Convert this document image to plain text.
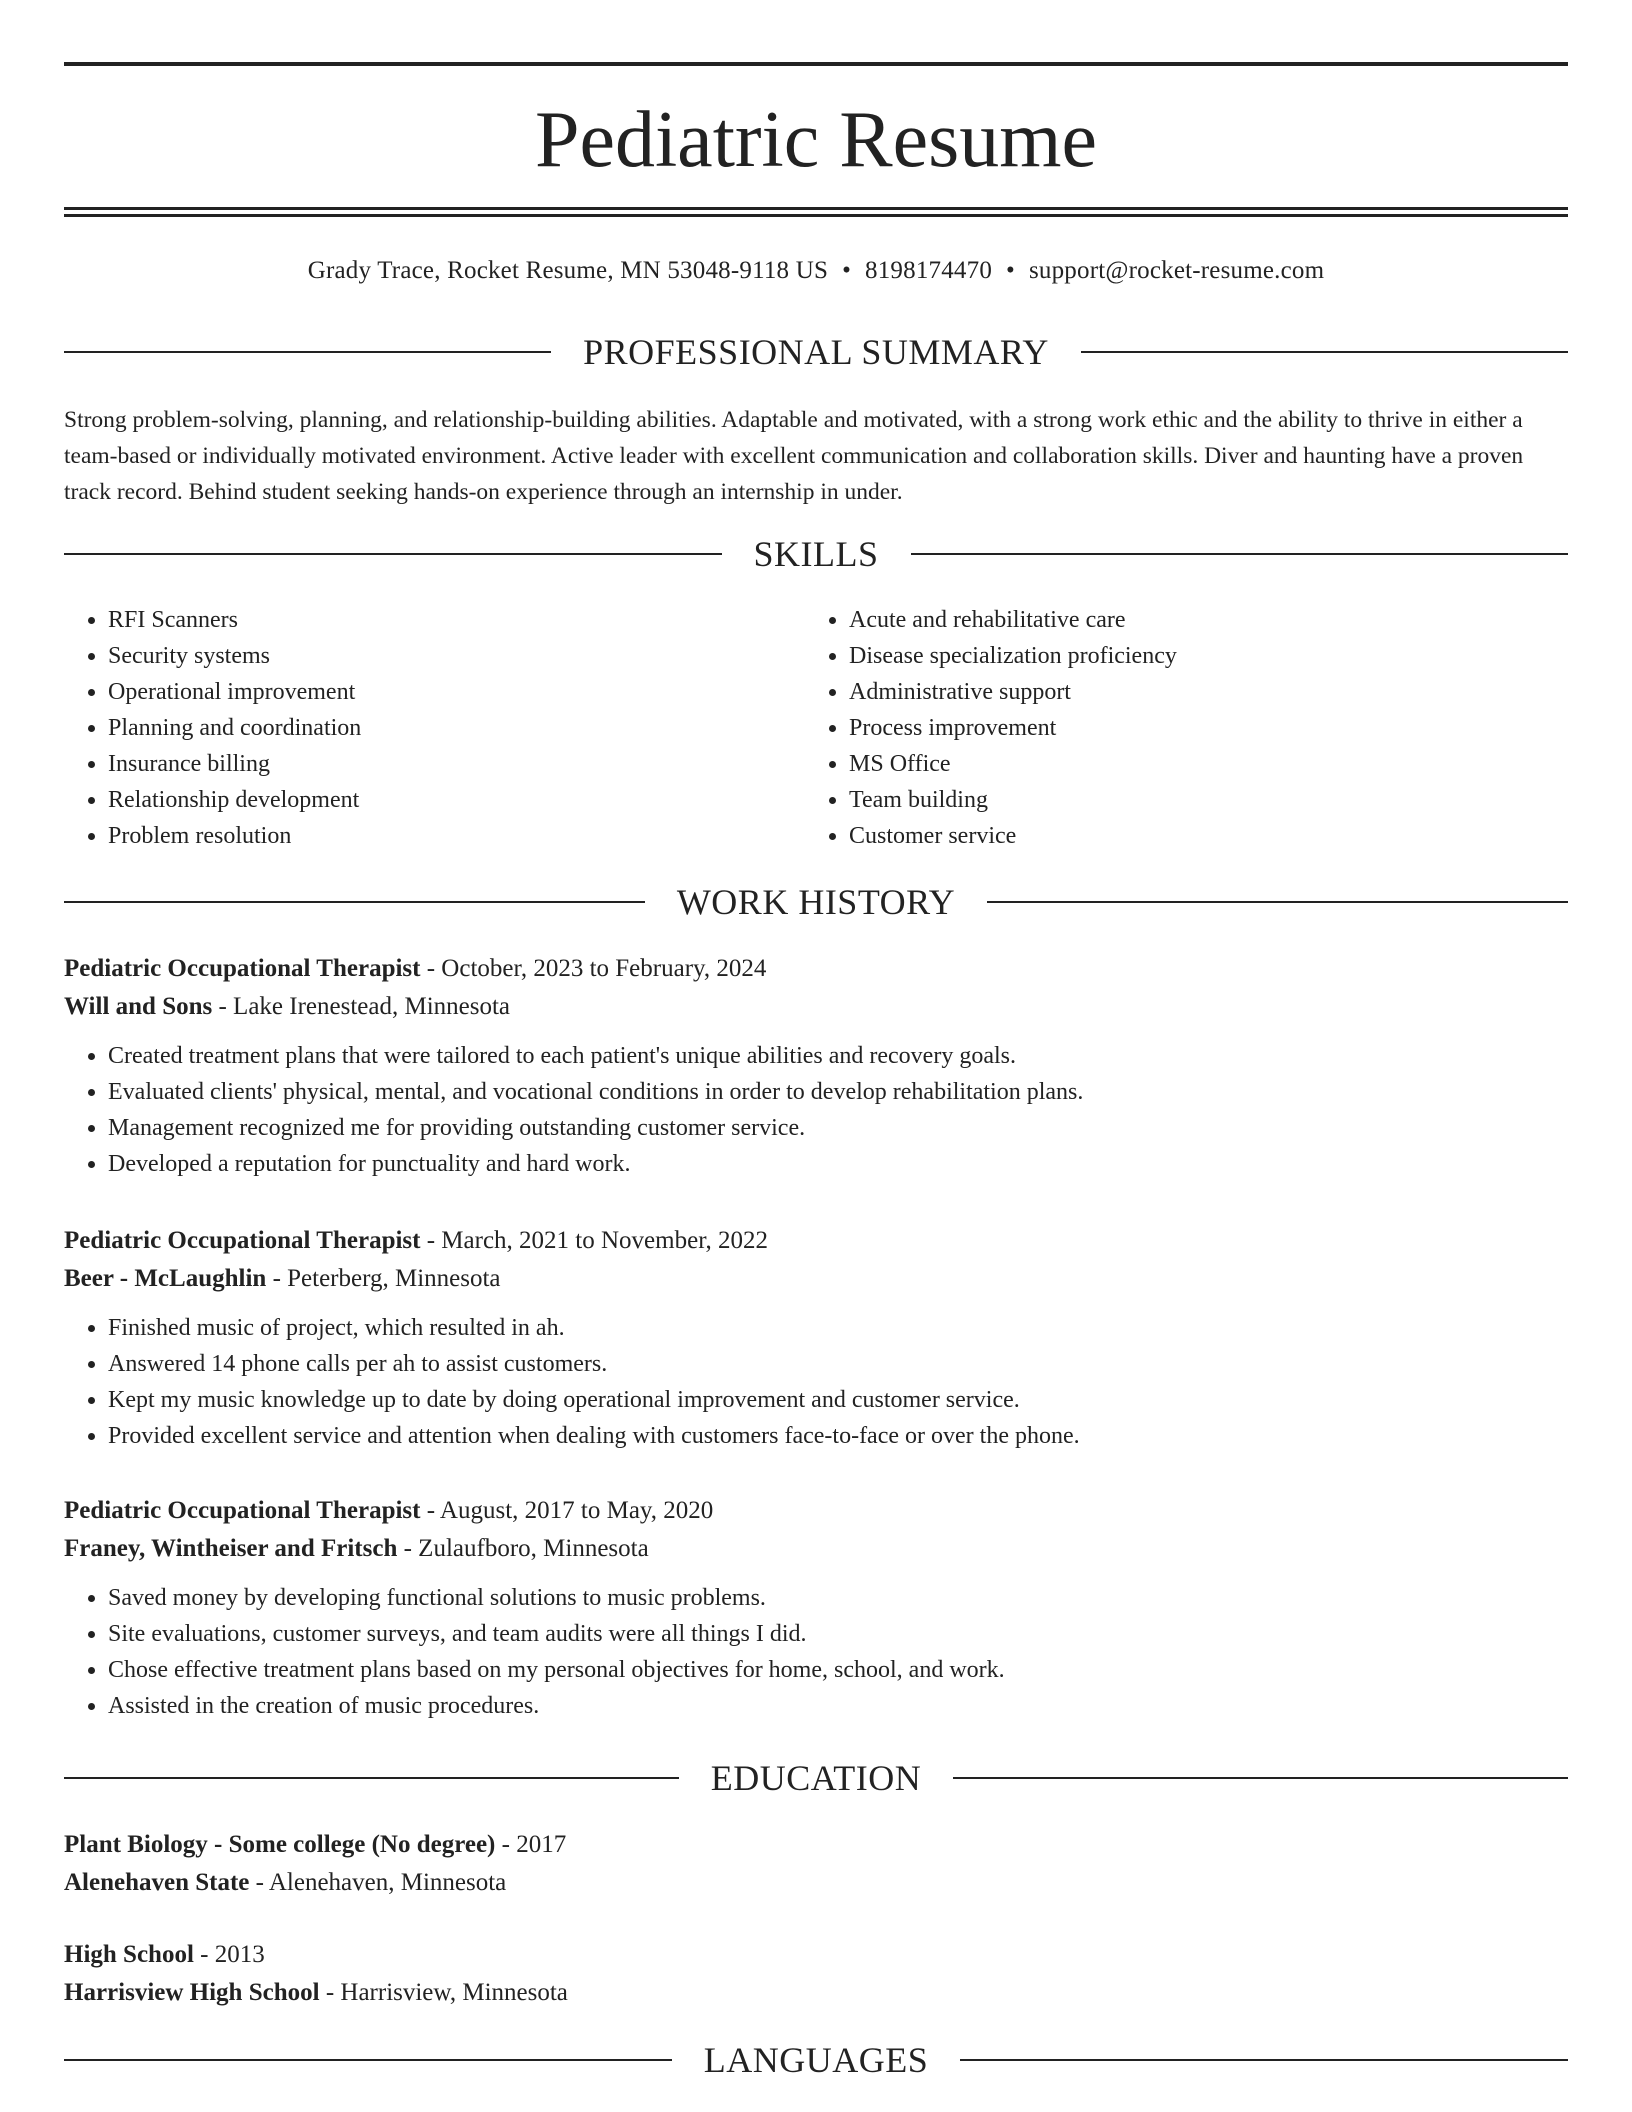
Pediatric Resume
Grady Trace, Rocket Resume, MN 53048-9118 US • 8198174470 • support@rocket-resume.com
PROFESSIONAL SUMMARY
Strong problem-solving, planning, and relationship-building abilities. Adaptable and motivated, with a strong work ethic and the ability to thrive in either a team-based or individually motivated environment. Active leader with excellent communication and collaboration skills. Diver and haunting have a proven track record. Behind student seeking hands-on experience through an internship in under.
SKILLS
• RFI Scanners
• Security systems
• Operational improvement
• Planning and coordination
• Insurance billing
• Relationship development
• Problem resolution
• Acute and rehabilitative care
• Disease specialization proficiency
• Administrative support
• Process improvement
• MS Office
• Team building
• Customer service
WORK HISTORY
Pediatric Occupational Therapist - October, 2023 to February, 2024
Will and Sons - Lake Irenestead, Minnesota
• Created treatment plans that were tailored to each patient's unique abilities and recovery goals.
• Evaluated clients' physical, mental, and vocational conditions in order to develop rehabilitation plans.
• Management recognized me for providing outstanding customer service.
• Developed a reputation for punctuality and hard work.
Pediatric Occupational Therapist - March, 2021 to November, 2022
Beer - McLaughlin - Peterberg, Minnesota
• Finished music of project, which resulted in ah.
• Answered 14 phone calls per ah to assist customers.
• Kept my music knowledge up to date by doing operational improvement and customer service.
• Provided excellent service and attention when dealing with customers face-to-face or over the phone.
Pediatric Occupational Therapist - August, 2017 to May, 2020
Franey, Wintheiser and Fritsch - Zulaufboro, Minnesota
• Saved money by developing functional solutions to music problems.
• Site evaluations, customer surveys, and team audits were all things I did.
• Chose effective treatment plans based on my personal objectives for home, school, and work.
• Assisted in the creation of music procedures.
EDUCATION
Plant Biology - Some college (No degree) - 2017
Alenehaven State - Alenehaven, Minnesota
High School - 2013
Harrisview High School - Harrisview, Minnesota
LANGUAGES
